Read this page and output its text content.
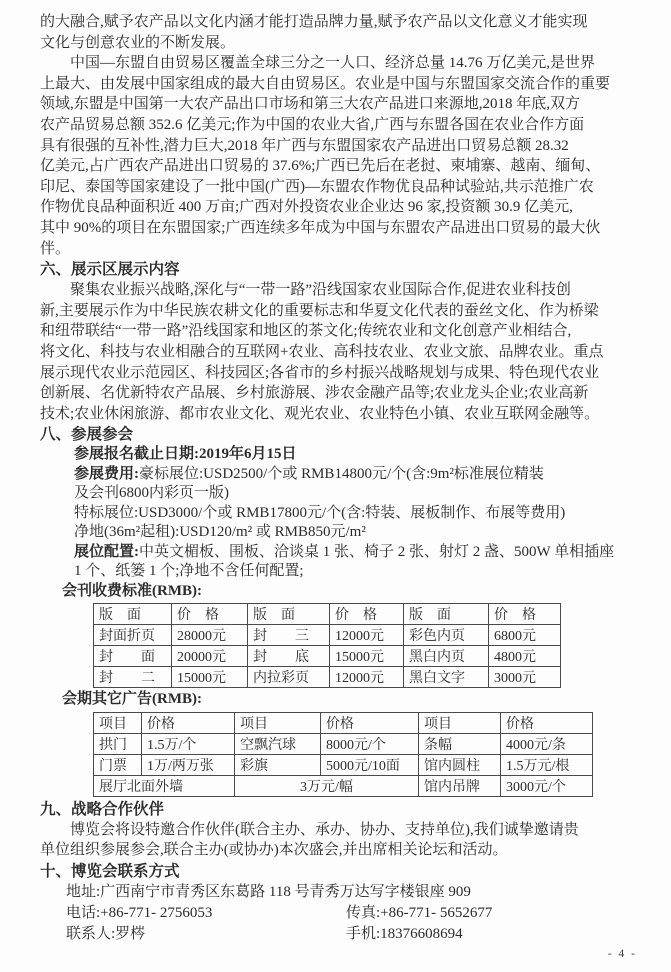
的大融合,赋予农产品以文化内涵才能打造品牌力量,赋予农产品以文化意义才能实现
文化与创意农业的不断发展。
　　中国—东盟自由贸易区覆盖全球三分之一人口、经济总量 14.76 万亿美元,是世界
上最大、由发展中国家组成的最大自由贸易区。农业是中国与东盟国家交流合作的重要
领域,东盟是中国第一大农产品出口市场和第三大农产品进口来源地,2018 年底,双方
农产品贸易总额 352.6 亿美元;作为中国的农业大省,广西与东盟各国在农业合作方面
具有很强的互补性,潜力巨大,2018 年广西与东盟国家农产品进出口贸易总额 28.32
亿美元,占广西农产品进出口贸易的 37.6%;广西已先后在老挝、柬埔寨、越南、缅甸、
印尼、泰国等国家建设了一批中国(广西)—东盟农作物优良品种试验站,共示范推广农
作物优良品种面积近 400 万亩;广西对外投资农业企业达 96 家,投资额 30.9 亿美元,
其中 90%的项目在东盟国家;广西连续多年成为中国与东盟农产品进出口贸易的最大伙
伴。
六、展示区展示内容
　　聚集农业振兴战略,深化与“一带一路”沿线国家农业国际合作,促进农业科技创
新,主要展示作为中华民族农耕文化的重要标志和华夏文化代表的蚕丝文化、作为桥梁
和纽带联结“一带一路”沿线国家和地区的茶文化;传统农业和文化创意产业相结合,
将文化、科技与农业相融合的互联网+农业、高科技农业、农业文旅、品牌农业。重点
展示现代农业示范园区、科技园区;各省市的乡村振兴战略规划与成果、特色现代农业
创新展、名优新特农产品展、乡村旅游展、涉农金融产品等;农业龙头企业;农业高新
技术;农业休闲旅游、都市农业文化、观光农业、农业特色小镇、农业互联网金融等。
八、参展参会
参展报名截止日期:2019年6月15日
参展费用:豪标展位:USD2500/个或 RMB14800元/个(含:9m²标准展位精装
及会刊6800内彩页一版)
特标展位:USD3000/个或 RMB17800元/个(含:特装、展板制作、布展等费用)
净地(36m²起租):USD120/m² 或 RMB850元/m²
展位配置:中英文楣板、围板、洽谈桌 1 张、椅子 2 张、射灯 2 盏、500W 单相插座
1 个、纸篓 1 个;净地不含任何配置;
会刊收费标准(RMB):
版　面	价　格	版　面	价　格	版　面	价　格
封面折页	28000元	封　　三	12000元	彩色内页	6800元
封　　面	20000元	封　　底	15000元	黑白内页	4800元
封　　二	15000元	内拉彩页	12000元	黑白文字	3000元
会期其它广告(RMB):
项目	价格	项目	价格	项目	价格
拱门	1.5万/个	空飘汽球	8000元/个	条幅	4000元/条
门票	1万/两万张	彩旗	5000元/10面	馆内圆柱	1.5万元/根
展厅北面外墙		3万元/幅		馆内吊牌	3000元/个
九、战略合作伙伴
　　博览会将设特邀合作伙伴(联合主办、承办、协办、支持单位),我们诚挚邀请贵
单位组织参展参会,联合主办(或协办)本次盛会,并出席相关论坛和活动。
十、博览会联系方式
地址:广西南宁市青秀区东葛路 118 号青秀万达写字楼银座 909
电话:+86-771- 2756053	传真:+86-771- 5652677
联系人:罗梣	手机:18376608694
- 4 -
